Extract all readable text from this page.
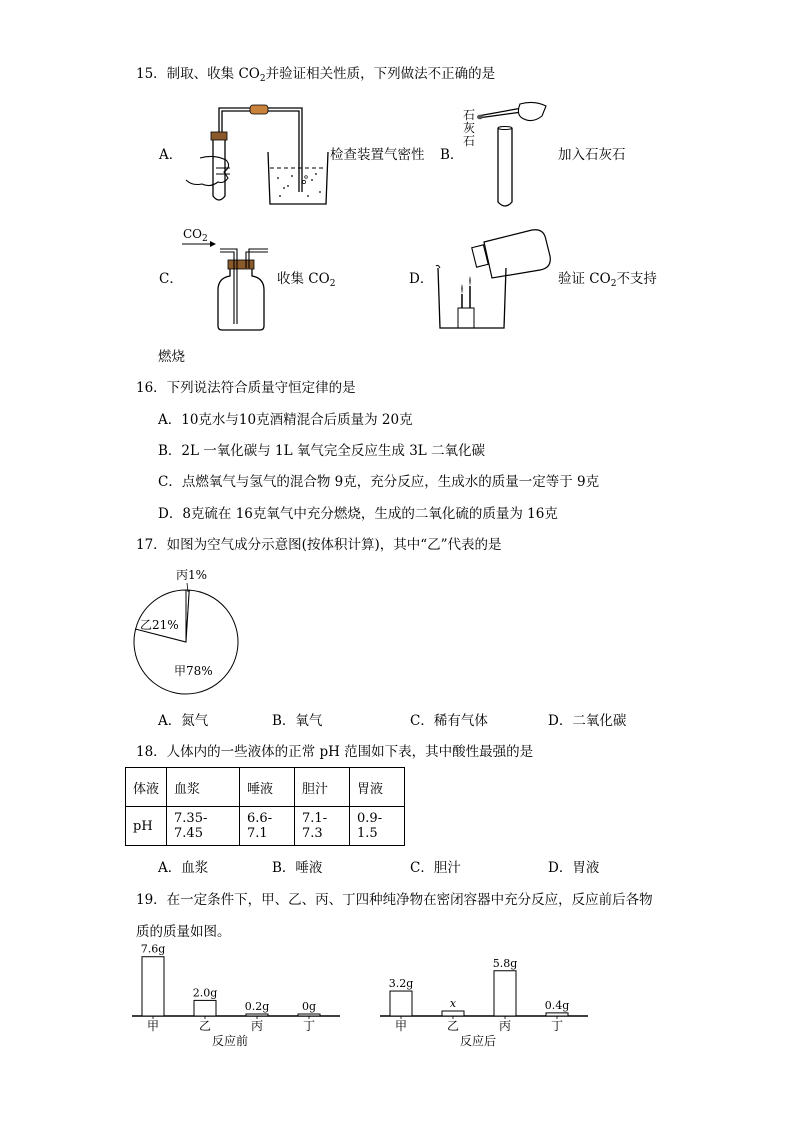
15．制取、收集 $CO_2$并验证相关性质，下列做法不正确的是
A．	检查装置气密性 B．
石
灰
石
加入石灰石
C．
$CO_2$
收集 $CO_2$	D．	验证 $CO_2$不支持
燃烧
16．下列说法符合质量守恒定律的是
A．10克水与10克酒精混合后质量为 20克
B．2L 一氧化碳与 1L 氧气完全反应生成 3L 二氧化碳
C．点燃氧气与氢气的混合物 9克，充分反应，生成水的质量一定等于 9克
D．8克硫在 16克氧气中充分燃烧，生成的二氧化硫的质量为 16克
17．如图为空气成分示意图(按体积计算)，其中“乙”代表的是
甲78%
乙21%
丙1%
A．氮气	B．氧气	C．稀有气体	D．二氧化碳
18．人体内的一些液体的正常 pH 范围如下表，其中酸性最强的是
体液	血浆	唾液	胆汁	胃液
pH	7.35-7.45	6.6-7.1	7.1-7.3	0.9-1.5
A．血浆	B．唾液	C．胆汁	D．胃液
19．在一定条件下，甲、乙、丙、丁四种纯净物在密闭容器中充分反应，反应前后各物
质的质量如图。
7.6g
甲
2.0g
乙
0.2g
丙
0g
丁
反应前
3.2g
甲
x
乙
5.8g
丙
0.4g
丁
反应后
